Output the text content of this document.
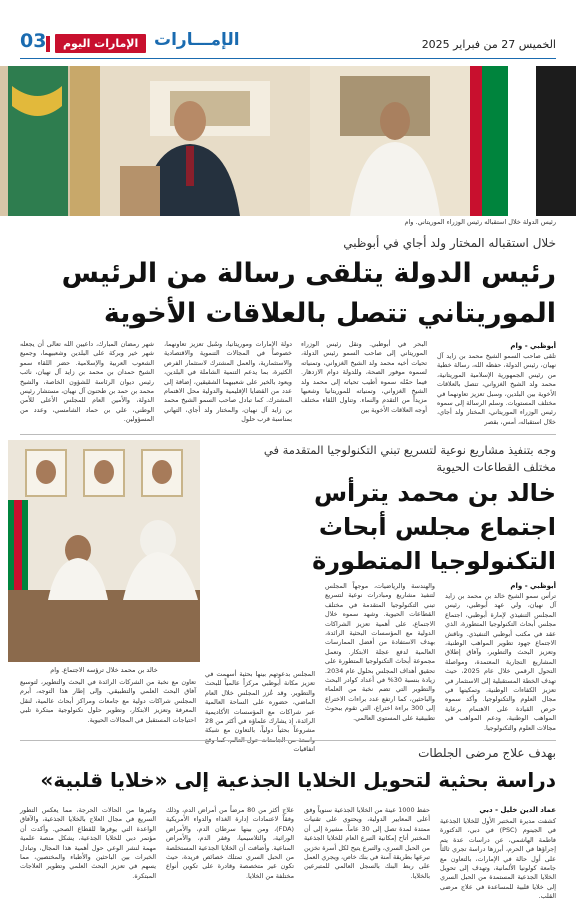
03	الإمارات اليوم الإمـــارات	الخميس 27 من فبراير 2025
رئيس الدولة خلال استقباله رئيس الوزراء الموريتاني. وام
خلال استقباله المختار ولد أجاي في أبوظبي
رئيس الدولة يتلقى رسالة من الرئيس الموريتاني تتصل بالعلاقات الأخوية
أبوظبي - وام
تلقى صاحب السمو الشيخ محمد بن زايد آل نهيان، رئيس الدولة، حفظه الله، رسالة خطية من رئيس الجمهورية الإسلامية الموريتانية، محمد ولد الشيخ الغزواني، تتصل بالعلاقات الأخوية بين البلدين، وسبل تعزيز تعاونهما في مختلف المستويات. وسلم الرسالة إلى سموه رئيس الوزراء الموريتاني، المختار ولد أجاي، خلال استقباله، أمس، بقصر
البحر في أبوظبي. ونقل رئيس الوزراء الموريتاني إلى صاحب السمو رئيس الدولة، تحيات أخيه محمد ولد الشيخ الغزواني، وتمنياته لسموه موفور الصحة، وللدولة دوام الازدهار. فيما حمّله سموه أطيب تحياته إلى محمد ولد الشيخ الغزواني، وتمنياته للموريتانيا وشعبها مزيداً من التقدم والنماء. وتناول اللقاء مختلف أوجه العلاقات الأخوية بين
دولة الإمارات وموريتانيا، وسُبل تعزيز تعاونهما، خصوصاً في المجالات التنموية والاقتصادية والاستثمارية، والعمل المشترك لاستثمار الفرص الكثيرة، بما يدعم التنمية الشاملة في البلدين، ويعود بالخير على شعبيهما الشقيقين، إضافة إلى عدد من القضايا الإقليمية والدولية محل الاهتمام المشترك. كما تبادل صاحب السمو الشيخ محمد بن زايد آل نهيان، والمختار ولد أجاي، التهاني بمناسبة قرب حلول
شهر رمضان المبارك، داعيين الله تعالى أن يجعله شهر خير وبركة على البلدين وشعبيهما، وجميع الشعوب العربية والإسلامية. حضر اللقاء سمو الشيخ حمدان بن محمد بن زايد آل نهيان، نائب رئيس ديوان الرئاسة للشؤون الخاصة، والشيخ محمد بن حمد بن طحنون آل نهيان، مستشار رئيس الدولة، والأمين العام للمجلس الأعلى للأمن الوطني، علي بن حماد الشامسي، وعدد من المسؤولين.
خالد بن محمد خلال ترؤسه الاجتماع. وام
وجه بتنفيذ مشاريع نوعية لتسريع تبني التكنولوجيا المتقدمة في مختلف القطاعات الحيوية
خالد بن محمد يترأس اجتماع مجلس أبحاث التكنولوجيا المتطورة
أبوظبي - وام
ترأس سمو الشيخ خالد بن محمد بن زايد آل نهيان، ولي عهد أبوظبي، رئيس المجلس التنفيذي لإمارة أبوظبي، اجتماع مجلس أبحاث التكنولوجيا المتطورة، الذي عقد في مكتب أبوظبي التنفيذي. وناقش الاجتماع جهود تطوير المواهب الوطنية، وتعزيز البحث والتطوير، وآفاق إطلاق المشاريع التجارية المعتمدة، ومواصلة التحول الرقمي خلال عام 2025، حيث تهدف الخطة المستقبلية إلى الاستثمار في تعزيز الكفاءات الوطنية، وتمكينها في مجال العلوم والتكنولوجيا. وأكد سموه حرص القيادة على الاهتمام برعاية المواهب الوطنية، ودعم المواهب في مجالات العلوم والتكنولوجيا.
والهندسة والرياضيات، موجهاً المجلس لتنفيذ مشاريع ومبادرات نوعية لتسريع تبني التكنولوجيا المتقدمة في مختلف القطاعات الحيوية. وشهد سموه خلال الاجتماع، على أهمية تعزيز الشراكات الدولية مع المؤسسات البحثية الرائدة، بهدف الاستفادة من أفضل الممارسات العالمية لدفع عجلة الابتكار. وتعمل مجموعة أبحاث التكنولوجيا المتطورة على تحقيق أهداف المجلس بحلول عام 2034. زيادة بنسبة 30% في أعداد كوادر البحث والتطوير التي تضم نخبة من العلماء والباحثين، كما ارتفع عدد براءات الاختراع إلى 300 براءة اختراع، التي تقوم ببحوث تطبيقية على المستوى العالمي.
المجلس بدعوتهم بينها بحثية أسهمت في تعزيز مكانة أبوظبي مركزاً عالمياً للبحث والتطوير. وقد عُزز المجلس خلال العام الماضي، حضوره على الساحة العالمية عبر شراكات مع المؤسسات الأكاديمية الرائدة، إذ يشارك علماؤه في أكثر من 28 مشروعاً بحثياً دولياً، بالتعاون مع شبكة اتفاقيات
تعاون مع نخبة من الشركات الرائدة في البحث والتطوير، لتوسيع آفاق البحث العلمي والتطبيقي. وإلى إطار هذا التوجه، أبرم المجلس شراكات دولية مع جامعات ومراكز أبحاث عالمية، لنقل المعرفة وتعزيز الابتكار، وتطوير حلول تكنولوجية مبتكرة تلبي احتياجات المستقبل في المجالات الحيوية.
بهدف علاج مرضى الجلطات
دراسة بحثية لتحويل الخلايا الجذعية إلى «خلايا قلبية»
عماد الدين خليل - دبي
كشفت مديرة المختبر الأول للخلايا الجذعية في الجينوم (PSC) في دبي، الدكتورة فاطمة الهاشمي، عن دراسات عدة يتم إجراؤها في الحرم، أبرزها دراسة تجري ثالثاً على أول حالة في الإمارات، بالتعاون مع جامعة كولونيا الألمانية، وتهدف إلى تحويل الخلايا الجذعية المستمدة من الحبل السري إلى خلايا قلبية للمساعدة في علاج مرضى القلب.
حفظ 1000 عينة من الخلايا الجذعية سنوياً وفق أعلى المعايير الدولية، ويحتوي على تقنيات ممتدة لمدة تصل إلى 30 عاماً. مشيرة إلى أن المختبر أتاح إمكانية التبرع العام للخلايا الجذعية من الحبل السري، والتبرع يتيح لكل أسرة تخزين تبرعها بطريقة آمنة في بنك خاص، ويجري العمل على ربط البنك بالسجل العالمي للمتبرعين بالخلايا.
علاج أكثر من 80 مرضاً من أمراض الدم، وذلك وفقاً لاعتمادات إدارة الغذاء والدواء الأمريكية (FDA)، ومن بينها سرطان الدم، والأمراض الوراثية، والثلاسيميا، وفقر الدم، والأمراض المناعية. وأضافت أن الخلايا الجذعية المستخلصة من الحبل السري تمتلك خصائص فريدة، حيث تكون غير متخصصة وقادرة على تكوين أنواع مختلفة من الخلايا.
وغيرها من الحالات الحرجة، مما يعكس التطور السريع في مجال العلاج بالخلايا الجذعية، والآفاق الواعدة التي يوفرها للقطاع الصحي. وأكدت أن مؤتمر دبي للخلايا الجذعية، يشكل منصة علمية مهمة لنشر الوعي حول أهمية هذا المجال، وتبادل الخبرات بين الباحثين والأطباء والمختصين، مما يسهم في تعزيز البحث العلمي وتطوير العلاجات المبتكرة.
